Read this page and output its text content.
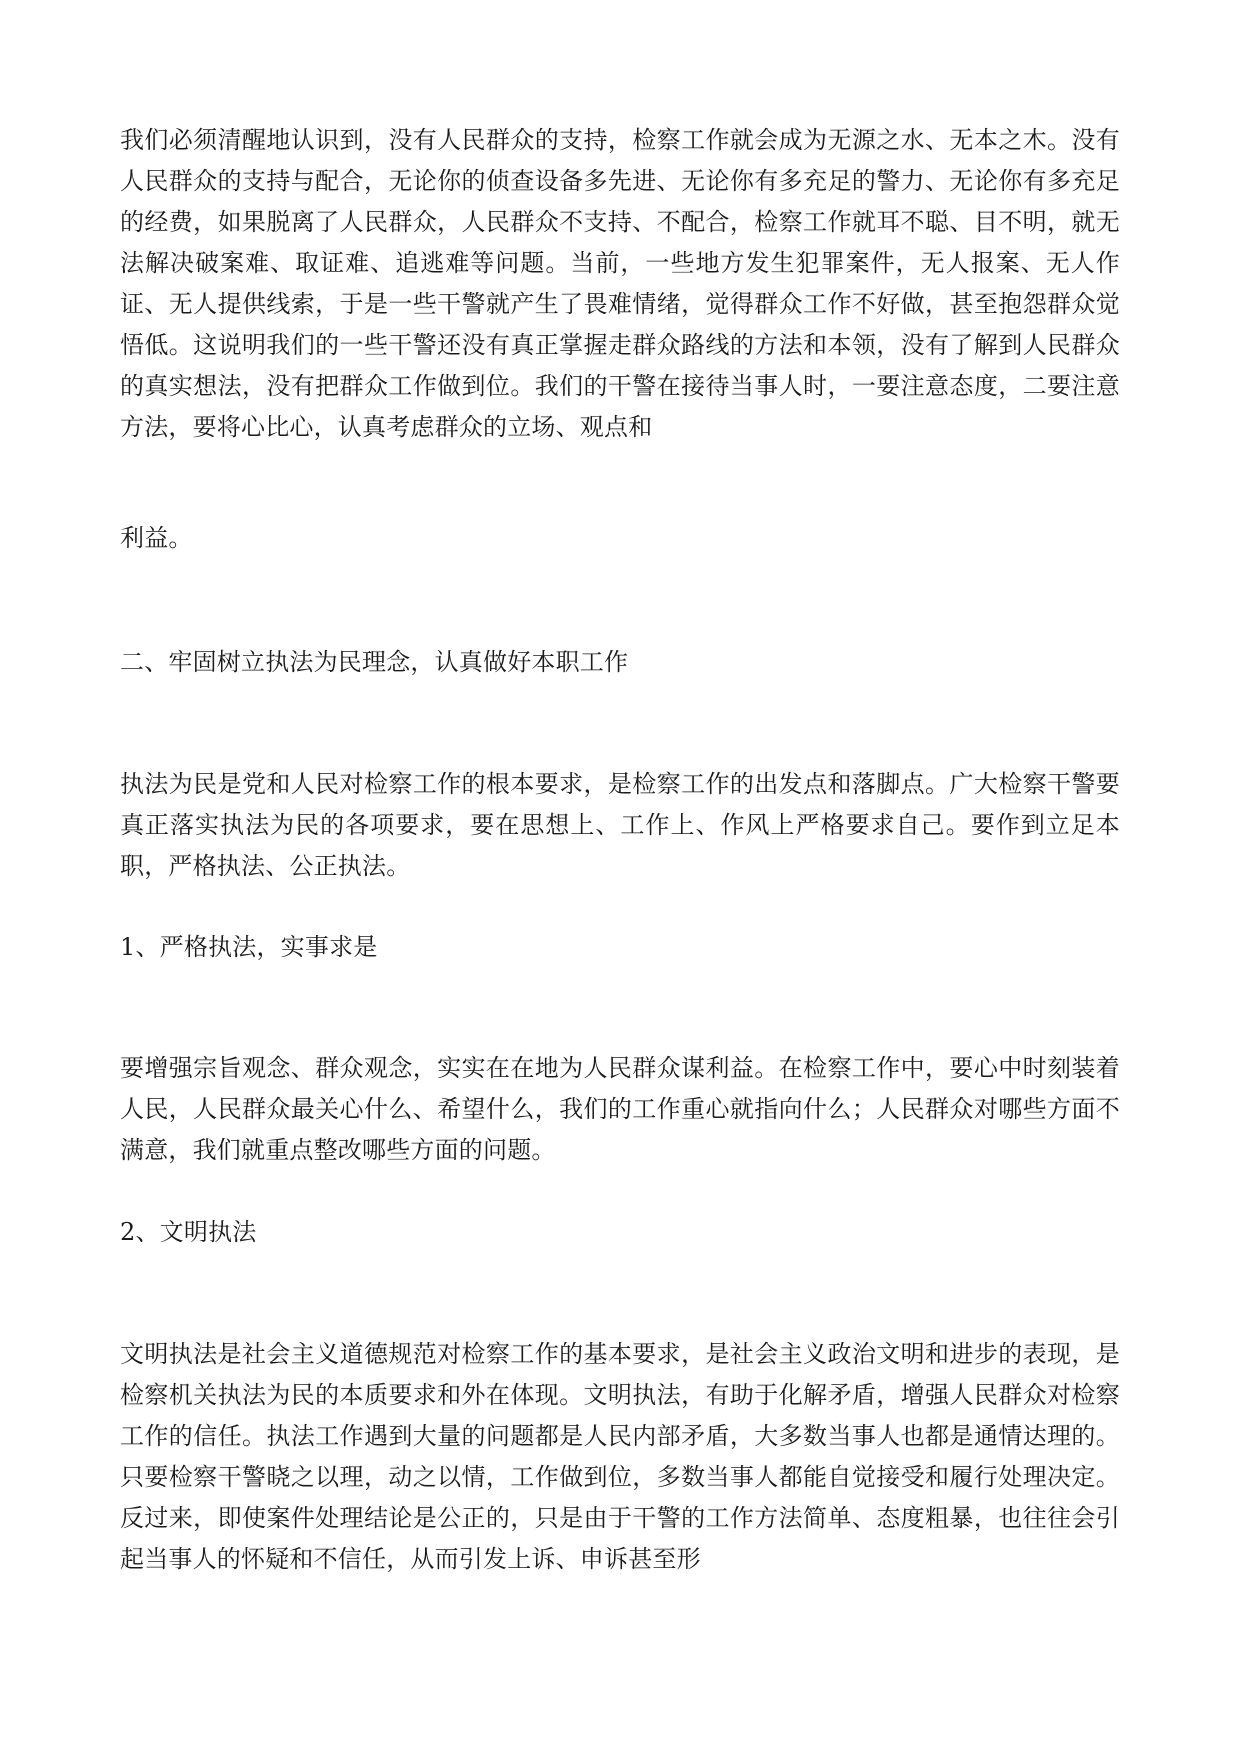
我们必须清醒地认识到，没有人民群众的支持，检察工作就会成为无源之水、无本之木。没有人民群众的支持与配合，无论你的侦查设备多先进、无论你有多充足的警力、无论你有多充足的经费，如果脱离了人民群众，人民群众不支持、不配合，检察工作就耳不聪、目不明，就无法解决破案难、取证难、追逃难等问题。当前，一些地方发生犯罪案件，无人报案、无人作证、无人提供线索，于是一些干警就产生了畏难情绪，觉得群众工作不好做，甚至抱怨群众觉悟低。这说明我们的一些干警还没有真正掌握走群众路线的方法和本领，没有了解到人民群众的真实想法，没有把群众工作做到位。我们的干警在接待当事人时，一要注意态度，二要注意方法，要将心比心，认真考虑群众的立场、观点和

利益。

二、牢固树立执法为民理念，认真做好本职工作

执法为民是党和人民对检察工作的根本要求，是检察工作的出发点和落脚点。广大检察干警要真正落实执法为民的各项要求，要在思想上、工作上、作风上严格要求自己。要作到立足本职，严格执法、公正执法。

1、严格执法，实事求是

要增强宗旨观念、群众观念，实实在在地为人民群众谋利益。在检察工作中，要心中时刻装着人民，人民群众最关心什么、希望什么，我们的工作重心就指向什么；人民群众对哪些方面不满意，我们就重点整改哪些方面的问题。

2、文明执法

文明执法是社会主义道德规范对检察工作的基本要求，是社会主义政治文明和进步的表现，是检察机关执法为民的本质要求和外在体现。文明执法，有助于化解矛盾，增强人民群众对检察工作的信任。执法工作遇到大量的问题都是人民内部矛盾，大多数当事人也都是通情达理的。只要检察干警晓之以理，动之以情，工作做到位，多数当事人都能自觉接受和履行处理决定。反过来，即使案件处理结论是公正的，只是由于干警的工作方法简单、态度粗暴，也往往会引起当事人的怀疑和不信任，从而引发上诉、申诉甚至形
